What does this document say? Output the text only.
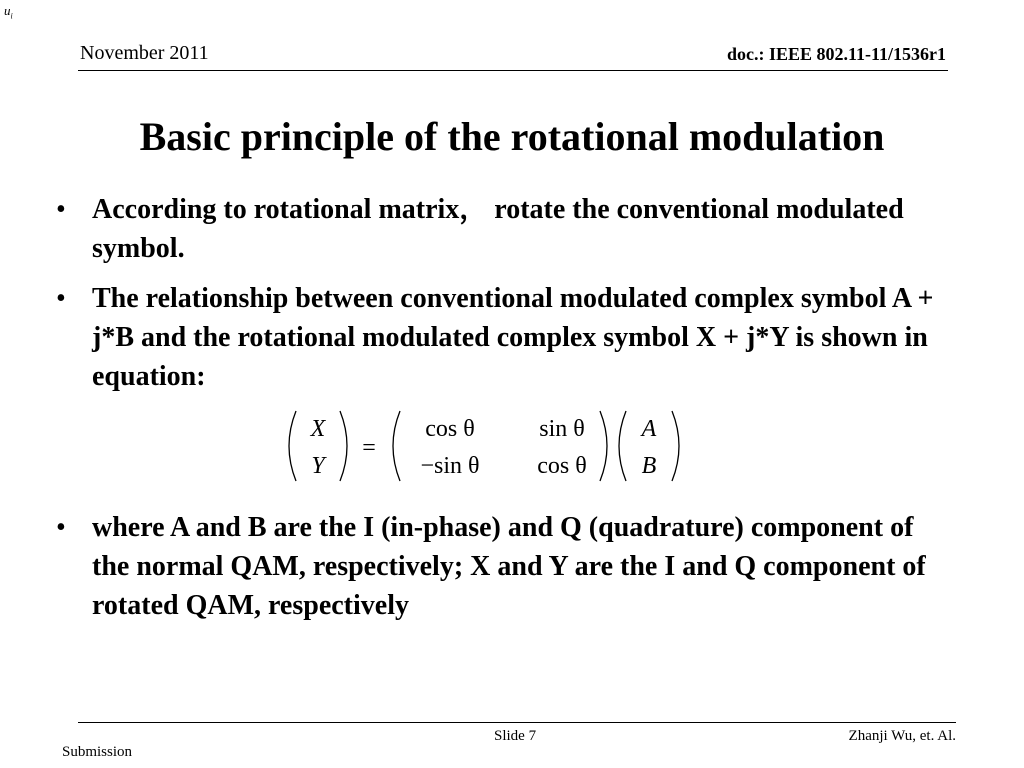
$u_i$
November 2011	doc.: IEEE 802.11-11/1536r1
Basic principle of the rotational modulation
• According to rotational matrix， rotate the conventional modulated symbol.
• The relationship between conventional modulated complex symbol A + j*B and the rotational modulated complex symbol X + j*Y is shown in equation:
X
Y
=
cos θ	sin θ
−sin θ cos θ
A
B
• where A and B are the I (in-phase) and Q (quadrature) component of the normal QAM, respectively; X and Y are the I and Q component of rotated QAM, respectively
Slide 7	Zhanji Wu, et. Al.
Submission
